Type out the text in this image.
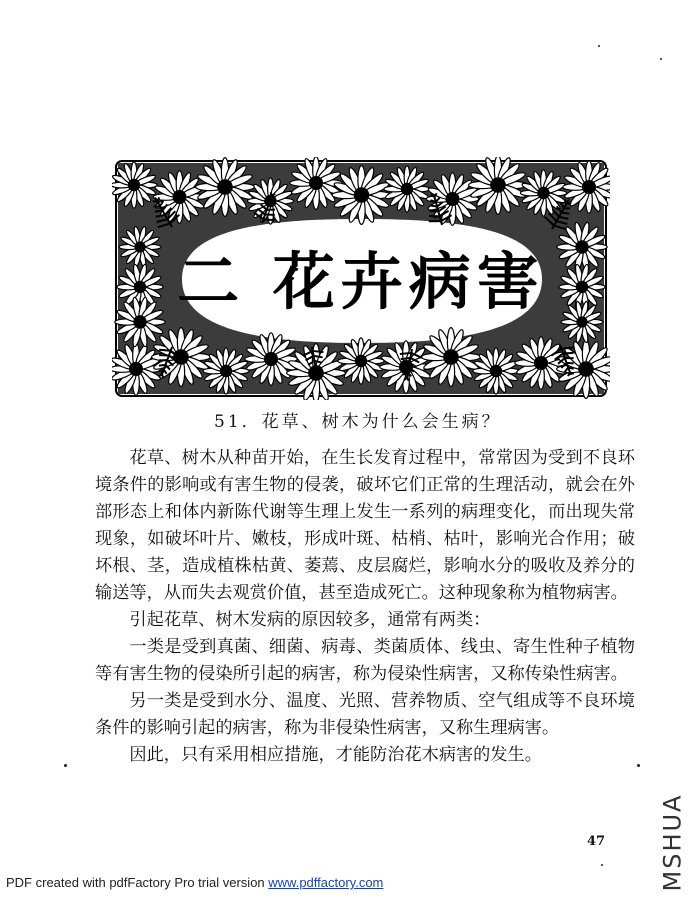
二 花卉病害
51．花草、树木为什么会生病？

花草、树木从种苗开始，在生长发育过程中，常常因为受到不良环境条件的影响或有害生物的侵袭，破坏它们正常的生理活动，就会在外部形态上和体内新陈代谢等生理上发生一系列的病理变化，而出现失常现象，如破坏叶片、嫩枝，形成叶斑、枯梢、枯叶，影响光合作用；破坏根、茎，造成植株枯黄、萎蔫、皮层腐烂，影响水分的吸收及养分的输送等，从而失去观赏价值，甚至造成死亡。这种现象称为植物病害。

引起花草、树木发病的原因较多，通常有两类：

一类是受到真菌、细菌、病毒、类菌质体、线虫、寄生性种子植物等有害生物的侵染所引起的病害，称为侵染性病害，又称传染性病害。

另一类是受到水分、温度、光照、营养物质、空气组成等不良环境条件的影响引起的病害，称为非侵染性病害，又称生理病害。

因此，只有采用相应措施，才能防治花木病害的发生。

47 MSHUA
PDF created with pdfFactory Pro trial version www.pdffactory.com
